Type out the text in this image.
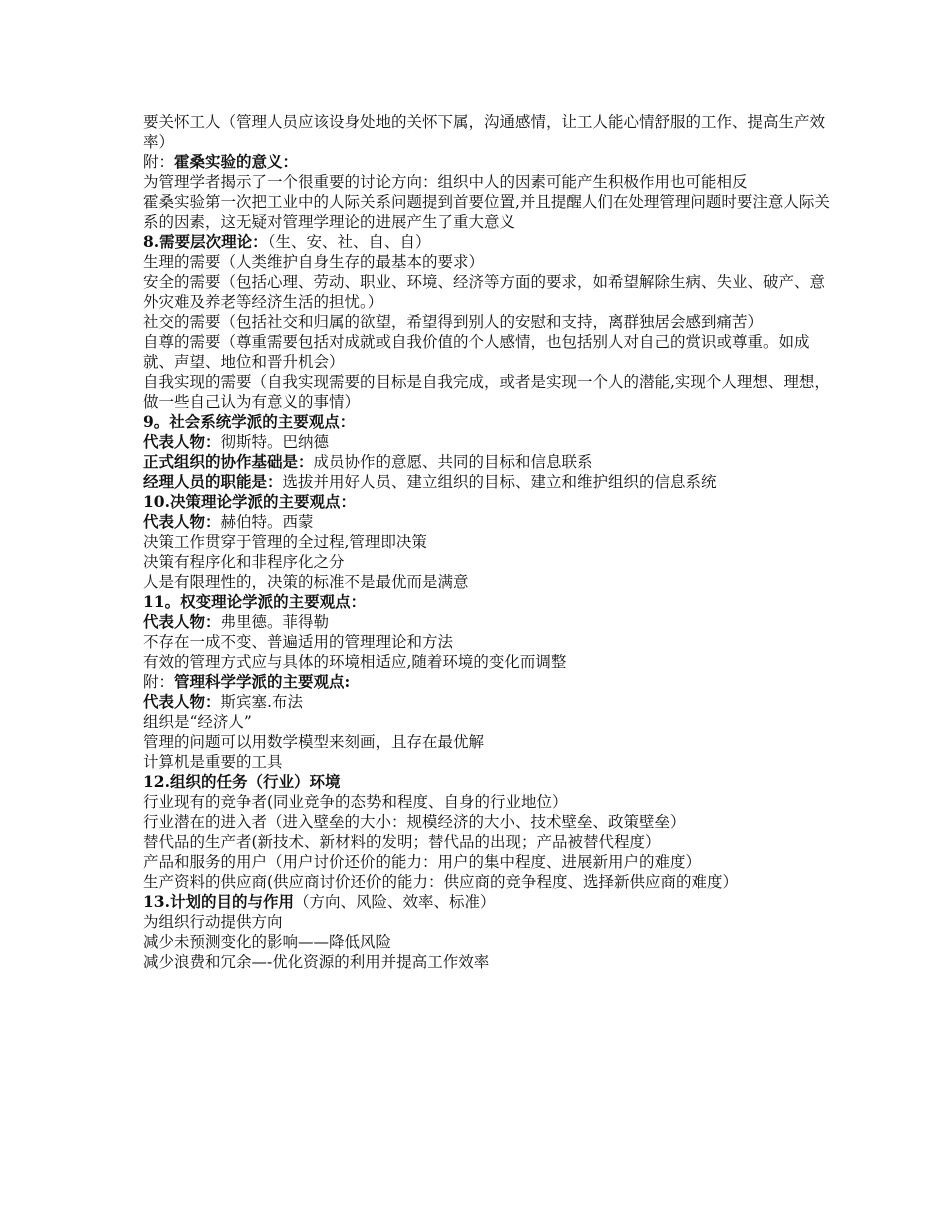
要关怀工人（管理人员应该设身处地的关怀下属，沟通感情，让工人能心情舒服的工作、提高生产效率）

附：霍桑实验的意义：

为管理学者揭示了一个很重要的讨论方向：组织中人的因素可能产生积极作用也可能相反

霍桑实验第一次把工业中的人际关系问题提到首要位置,并且提醒人们在处理管理问题时要注意人际关系的因素，这无疑对管理学理论的进展产生了重大意义

8.需要层次理论：（生、安、社、自、自）

生理的需要（人类维护自身生存的最基本的要求）

安全的需要（包括心理、劳动、职业、环境、经济等方面的要求，如希望解除生病、失业、破产、意外灾难及养老等经济生活的担忧。）

社交的需要（包括社交和归属的欲望，希望得到别人的安慰和支持，离群独居会感到痛苦）

自尊的需要（尊重需要包括对成就或自我价值的个人感情，也包括别人对自己的赏识或尊重。如成就、声望、地位和晋升机会）

自我实现的需要（自我实现需要的目标是自我完成，或者是实现一个人的潜能,实现个人理想、理想，做一些自己认为有意义的事情）

9。社会系统学派的主要观点：

代表人物：彻斯特。巴纳德

正式组织的协作基础是：成员协作的意愿、共同的目标和信息联系

经理人员的职能是：选拔并用好人员、建立组织的目标、建立和维护组织的信息系统

10.决策理论学派的主要观点：

代表人物：赫伯特。西蒙

决策工作贯穿于管理的全过程,管理即决策

决策有程序化和非程序化之分

人是有限理性的，决策的标准不是最优而是满意

11。权变理论学派的主要观点：

代表人物：弗里德。菲得勒

不存在一成不变、普遍适用的管理理论和方法

有效的管理方式应与具体的环境相适应,随着环境的变化而调整

附：管理科学学派的主要观点:

代表人物：斯宾塞.布法

组织是“经济人”

管理的问题可以用数学模型来刻画，且存在最优解

计算机是重要的工具

12.组织的任务（行业）环境

行业现有的竞争者(同业竞争的态势和程度、自身的行业地位）

行业潜在的进入者（进入壁垒的大小：规模经济的大小、技术壁垒、政策壁垒）

替代品的生产者(新技术、新材料的发明；替代品的出现；产品被替代程度）

产品和服务的用户（用户讨价还价的能力：用户的集中程度、进展新用户的难度）

生产资料的供应商(供应商讨价还价的能力：供应商的竞争程度、选择新供应商的难度）

13.计划的目的与作用（方向、风险、效率、标准）

为组织行动提供方向

减少未预测变化的影响——降低风险

减少浪费和冗余—-优化资源的利用并提高工作效率
